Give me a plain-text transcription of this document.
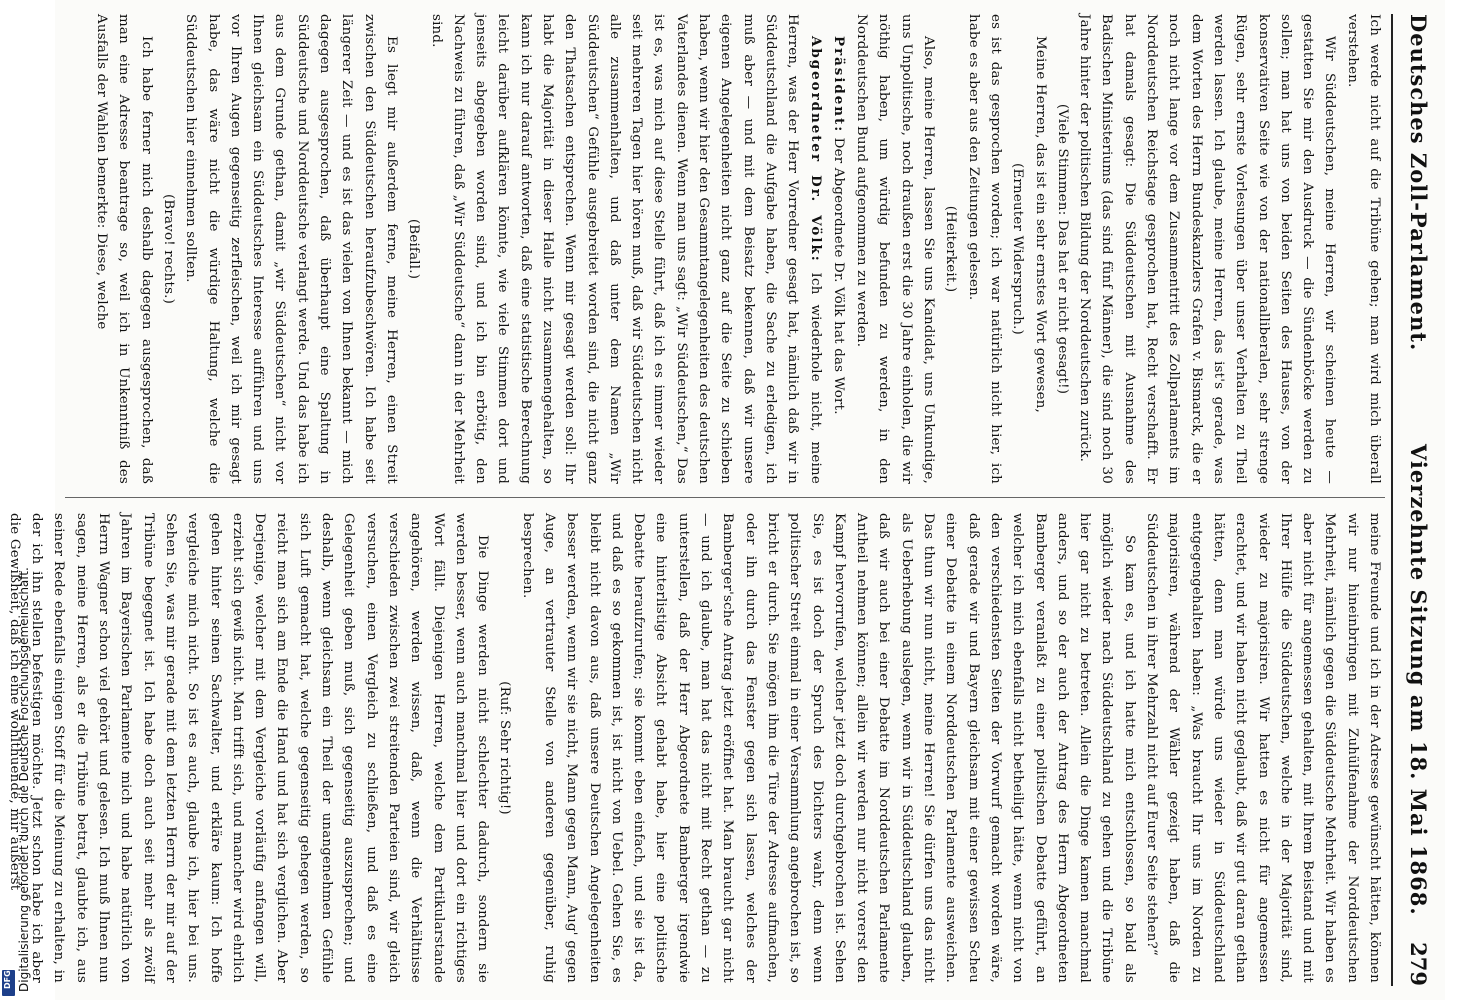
Deutsches Zoll-Parlament.
Vierzehnte Sitzung am 18. Mai 1868.
279

Ich werde nicht auf die Tribüne gehen; man wird mich überall verstehen.

Wir Süddeutschen, meine Herren, wir scheinen heute — gestatten Sie mir den Ausdruck — die Sündenböcke werden zu sollen; man hat uns von beiden Seiten des Hauses, von der konservativen Seite wie von der nationalliberalen, sehr strenge Rügen, sehr ernste Vorlesungen über unser Verhalten zu Theil werden lassen. Ich glaube, meine Herren, das ist's gerade, was dem Worten des Herrn Bundeskanzlers Grafen v. Bismarck, die er noch nicht lange vor dem Zusammentritt des Zollparlaments im Norddeutschen Reichstage gesprochen hat, Recht verschafft. Er hat damals gesagt: Die Süddeutschen mit Ausnahme des Badischen Ministeriums (das sind fünf Männer), die sind noch 30 Jahre hinter der politischen Bildung der Norddeutschen zurück.

(Viele Stimmen: Das hat er nicht gesagt!)

Meine Herren, das ist ein sehr ernstes Wort gewesen,

(Erneuter Widerspruch.)

es ist das gesprochen worden; ich war natürlich nicht hier, ich habe es aber aus den Zeitungen gelesen.

(Heiterkeit.)

Also, meine Herren, lassen Sie uns Kandidat, uns Unkundige, uns Unpolitische, noch draußen erst die 30 Jahre einholen, die wir nöthig haben, um würdig befunden zu werden, in den Norddeutschen Bund aufgenommen zu werden.

Präsident: Der Abgeordnete Dr. Völk hat das Wort.

Abgeordneter Dr. Völk: Ich wiederhole nicht, meine Herren, was der Herr Vorredner gesagt hat, nämlich daß wir in Süddeutschland die Aufgabe haben, die Sache zu erledigen, ich muß aber — und mit dem Beisatz bekennen, daß wir unsere eigenen Angelegenheiten nicht ganz auf die Seite zu schieben haben, wenn wir hier den Gesammtangelegenheiten des deutschen Vaterlandes dienen. Wenn man uns sagt: „Wir Süddeutschen,“ Das ist es, was mich auf diese Stelle führt, daß ich es immer wieder seit mehreren Tagen hier hören muß, daß wir Süddeutschen nicht alle zusammenhalten, und daß unter dem Namen „Wir Süddeutschen“ Gefühle ausgebreitet worden sind, die nicht ganz den Thatsachen entsprechen. Wenn mir gesagt werden soll: Ihr habt die Majorität in dieser Halle nicht zusammengehalten, so kann ich nur darauf antworten, daß eine statistische Berechnung leicht darüber aufklären könnte, wie viele Stimmen dort und jenseits abgegeben worden sind, und ich bin erbötig, den Nachweis zu führen, daß „Wir Süddeutsche“ dann in der Mehrheit sind.

(Beifall.)

Es liegt mir außerdem ferne, meine Herren, einen Streit zwischen den Süddeutschen heraufzubeschwören. Ich habe seit längerer Zeit — und es ist das vielen von Ihnen bekannt — mich dagegen ausgesprochen, daß überhaupt eine Spaltung in Süddeutsche und Norddeutsche verlangt werde. Und das habe ich aus dem Grunde gethan, damit „wir Süddeutschen“ nicht vor Ihnen gleichsam ein Süddeutsches Interesse aufführen und uns vor Ihren Augen gegenseitig zerfleischen, weil ich mir gesagt habe, das wäre nicht die würdige Haltung, welche die Süddeutschen hier einnehmen sollten.

(Bravo! rechts.)

Ich habe ferner mich deshalb dagegen ausgesprochen, daß man eine Adresse beantrage so, weil ich in Unkenntniß des Ausfalls der Wahlen bemerkte: Diese, welche

meine Freunde und ich in der Adresse gewünscht hätten, können wir nur hineinbringen mit Zuhülfenahme der Norddeutschen Mehrheit, nämlich gegen die Süddeutsche Mehrheit. Wir haben es aber nicht für angemessen gehalten, mit Ihrem Beistand und mit Ihrer Hülfe die Süddeutschen, welche in der Majorität sind, wieder zu majorisiren. Wir hatten es nicht für angemessen erachtet, und wir haben nicht geglaubt, daß wir gut daran gethan hätten, denn man würde uns wieder in Süddeutschland entgegengehalten haben: „Was braucht Ihr uns im Norden zu majorisiren, während der Wähler gezeigt haben, daß die Süddeutschen in ihrer Mehrzahl nicht auf Eurer Seite stehen?“

So kam es, und ich hatte mich entschlossen, so bald als möglich wieder nach Süddeutschland zu gehen und die Tribüne hier gar nicht zu betreten. Allein die Dinge kamen manchmal anders, und so der auch der Antrag des Herrn Abgeordneten Bamberger veranlaßt zu einer politischen Debatte geführt, an welcher ich mich ebenfalls nicht betheiligt hätte, wenn nicht von den verschiedensten Seiten der Vorwurf gemacht worden wäre, daß gerade wir und Bayern gleichsam mit einer gewissen Scheu einer Debatte in einem Norddeutschen Parlamente ausweichen. Das thun wir nun nicht, meine Herren! Sie dürfen uns das nicht als Ueberhebung auslegen, wenn wir in Süddeutschland glauben, daß wir auch bei einer Debatte im Norddeutschen Parlamente Antheil nehmen können; allein wir werden nur nicht vorerst den Kampf hervorrufen, welcher jetzt doch durchgebrochen ist. Sehen Sie, es ist doch der Spruch des Dichters wahr, denn wenn politischer Streit einmal in einer Versammlung angebrochen ist, so bricht er durch. Sie mögen ihm die Türe der Adresse aufmachen, oder ihn durch das Fenster gegen sich lassen, welches der Bamberger'sche Antrag jetzt eröffnet hat. Man braucht gar nicht — und ich glaube, man hat das nicht mit Recht gethan — zu unterstellen, daß der Herr Abgeordnete Bamberger irgendwie eine hinterlistige Absicht gehabt habe, hier eine politische Debatte heraufzurufen; sie kommt eben einfach, und sie ist da, und daß es so gekommen ist, ist nicht von Uebel. Gehen Sie, es bleibt nicht davon aus, daß unsere Deutschen Angelegenheiten besser werden, wenn wir sie nicht, Mann gegen Mann, Aug' gegen Auge, an vertrauter Stelle von anderen gegenüber, ruhig besprechen.

(Ruf: Sehr richtig!)

Die Dinge werden nicht schlechter dadurch, sondern sie werden besser, wenn auch manchmal hier und dort ein richtiges Wort fällt. Diejenigen Herren, welche dem Partikularstande angehören, werden wissen, daß, wenn die Verhältnisse verschieden zwischen zwei streitenden Parteien sind, wir gleich versuchen, einen Vergleich zu schließen, und daß es eine Gelegenheit geben muß, sich gegenseitig auszusprechen; und deshalb, wenn gleichsam ein Theil der unangenehmen Gefühle sich Luft gemacht hat, welche gegenseitig gehegen werden, so reicht man sich am Ende die Hand und hat sich verglichen. Aber Derjenige, welcher mit dem Vergleiche vorläufig anfangen will, erzieht sich gewiß nicht. Man trifft sich, und mancher wird ehrlich gehen hinter seinen Sachwalter, und erkläre kaum: Ich hoffe vergleiche mich nicht. So ist es auch, glaube ich, hier bei uns. Sehen Sie, was mir gerade mit dem letzten Herrn der mir auf der Tribüne begegnet ist. Ich habe doch auch seit mehr als zwölf Jahren im Bayerischen Parlamente mich und habe natürlich von Herrn Wagner schon viel gehört und gelesen. Ich muß Ihnen nun sagen, meine Herren, als er die Tribüne betrat, glaubte ich, aus seiner Rede ebenfalls einigen Stoff für die Meinung zu erhalten, in der ich ihn stellen befestigen möchte. Jetzt schon habe ich aber die Gewißheit, daß ich eine wohlthuende, mir äußerst

Digitalisierung gefördert durch die Deutsche Forschungsgemeinschaft.
DFG
